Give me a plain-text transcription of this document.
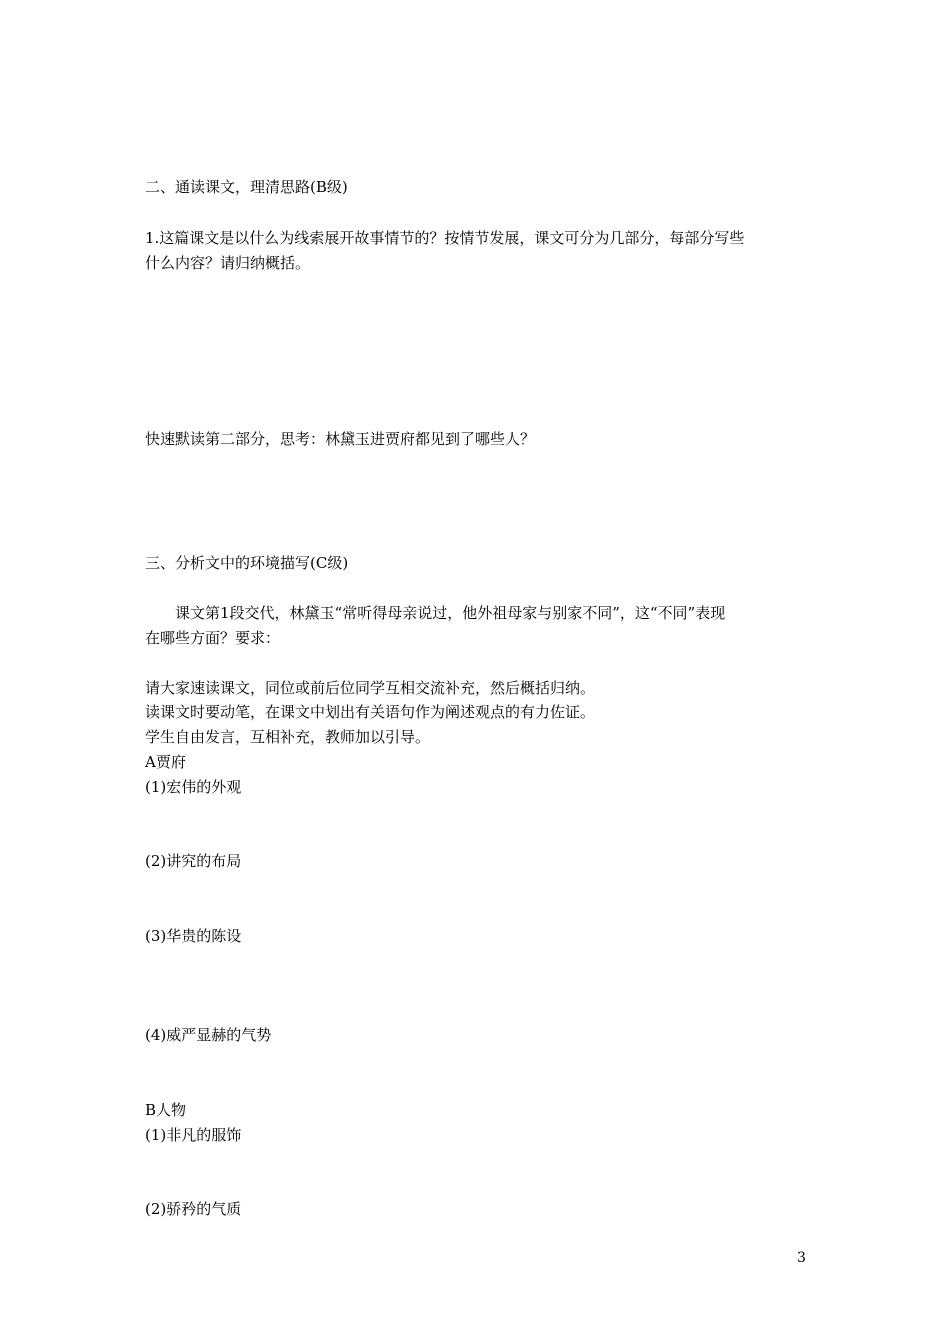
二、通读课文，理清思路(B级)
1.这篇课文是以什么为线索展开故事情节的？按情节发展，课文可分为几部分，每部分写些
什么内容？请归纳概括。
快速默读第二部分，思考：林黛玉进贾府都见到了哪些人？
三、分析文中的环境描写(C级)
课文第1段交代，林黛玉“常听得母亲说过，他外祖母家与别家不同”，这“不同”表现
在哪些方面？要求：
请大家速读课文，同位或前后位同学互相交流补充，然后概括归纳。
读课文时要动笔，在课文中划出有关语句作为阐述观点的有力佐证。
学生自由发言，互相补充，教师加以引导。
A贾府
(1)宏伟的外观
(2)讲究的布局
(3)华贵的陈设
(4)威严显赫的气势
B人物
(1)非凡的服饰
(2)骄矜的气质
3
